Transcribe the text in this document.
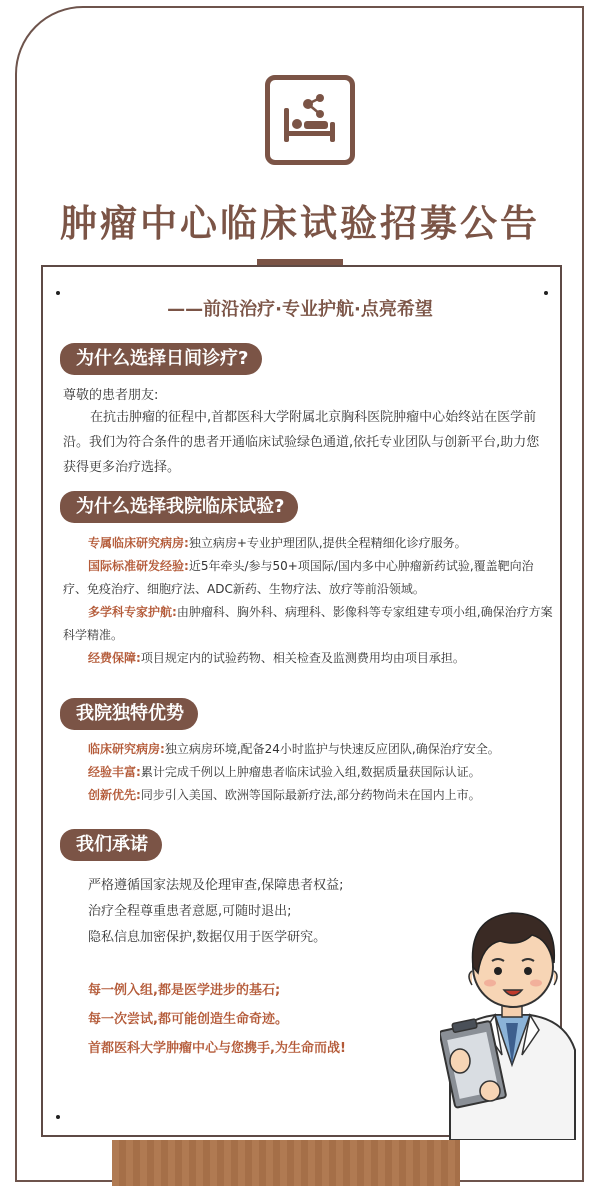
肿瘤中心临床试验招募公告
——前沿治疗·专业护航·点亮希望
为什么选择日间诊疗?
尊敬的患者朋友:

在抗击肿瘤的征程中,首都医科大学附属北京胸科医院肿瘤中心始终站在医学前沿。我们为符合条件的患者开通临床试验绿色通道,依托专业团队与创新平台,助力您获得更多治疗选择。

为什么选择我院临床试验?

专属临床研究病房:独立病房+专业护理团队,提供全程精细化诊疗服务。

国际标准研发经验:近5年牵头/参与50+项国际/国内多中心肿瘤新药试验,覆盖靶向治疗、免疫治疗、细胞疗法、ADC新药、生物疗法、放疗等前沿领域。

多学科专家护航:由肿瘤科、胸外科、病理科、影像科等专家组建专项小组,确保治疗方案科学精准。

经费保障:项目规定内的试验药物、相关检查及监测费用均由项目承担。

我院独特优势

临床研究病房:独立病房环境,配备24小时监护与快速反应团队,确保治疗安全。

经验丰富:累计完成千例以上肿瘤患者临床试验入组,数据质量获国际认证。

创新优先:同步引入美国、欧洲等国际最新疗法,部分药物尚未在国内上市。

我们承诺
严格遵循国家法规及伦理审查,保障患者权益;
治疗全程尊重患者意愿,可随时退出;
隐私信息加密保护,数据仅用于医学研究。
每一例入组,都是医学进步的基石;
每一次尝试,都可能创造生命奇迹。
首都医科大学肿瘤中心与您携手,为生命而战!
